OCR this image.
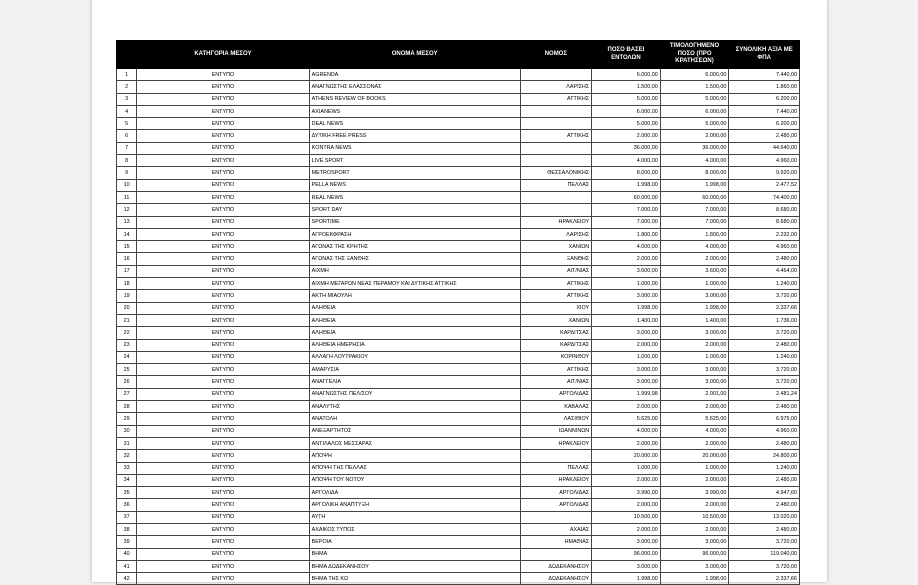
	ΚΑΤΗΓΟΡΙΑ ΜΕΣΟΥ	ΟΝΟΜΑ ΜΕΣΟΥ	ΝΟΜΟΣ	ΠΟΣΟ ΒΑΣΕΙ ΕΝΤΟΛΩΝ	ΤΙΜΟΛΟΓΗΜΕΝΟ ΠΟΣΟ (ΠΡΟ ΚΡΑΤΗΣΕΩΝ)	ΣΥΝΟΛΙΚΗ ΑΞΙΑ ΜΕ ΦΠΑ
1	ΕΝΤΥΠΟ	AGRENDA		6.000,00	6.000,00	7.440,00
2	ΕΝΤΥΠΟ	ΑΝΑΓΝΩΣΤΗΣ ΕΛΑΣΣΟΝΑΣ	ΛΑΡΙΣΗΣ	1.500,00	1.500,00	1.860,00
3	ΕΝΤΥΠΟ	ATHENS REVIEW OF BOOKS	ΑΤΤΙΚΗΣ	5.000,00	5.000,00	6.200,00
4	ΕΝΤΥΠΟ	AXIANEWS		6.000,00	6.000,00	7.440,00
5	ΕΝΤΥΠΟ	DEAL NEWS		5.000,00	5.000,00	6.200,00
6	ΕΝΤΥΠΟ	ΔΥΤΙΚΗ FREE PRESS	ΑΤΤΙΚΗΣ	2.000,00	2.000,00	2.480,00
7	ΕΝΤΥΠΟ	KONTRA NEWS		36.000,00	36.000,00	44.640,00
8	ΕΝΤΥΠΟ	LIVE SPORT		4.000,00	4.000,00	4.960,00
9	ΕΝΤΥΠΟ	METROSPORT	ΘΕΣΣΑΛΟΝΙΚΗΣ	8.000,00	8.000,00	9.920,00
10	ΕΝΤΥΠΟ	PELLA NEWS	ΠΕΛΛΑΣ	1.998,00	1.998,00	2.477,52
11	ΕΝΤΥΠΟ	REAL NEWS		60.000,00	60.000,00	74.400,00
12	ΕΝΤΥΠΟ	SPORT DAY		7.000,00	7.000,00	8.680,00
13	ΕΝΤΥΠΟ	SPORTIME	ΗΡΑΚΛΕΙΟΥ	7.000,00	7.000,00	8.680,00
14	ΕΝΤΥΠΟ	ΑΓΡΟΕΚΦΡΑΣΗ	ΛΑΡΙΣΗΣ	1.800,00	1.800,00	2.232,00
15	ΕΝΤΥΠΟ	ΑΓΩΝΑΣ ΤΗΣ ΚΡΗΤΗΣ	ΧΑΝΙΩΝ	4.000,00	4.000,00	4.960,00
16	ΕΝΤΥΠΟ	ΑΓΩΝΑΣ ΤΗΣ ΞΑΝΘΗΣ	ΞΑΝΘΗΣ	2.000,00	2.000,00	2.480,00
17	ΕΝΤΥΠΟ	ΑΙΧΜΗ	ΑΙΤ/ΝΙΑΣ	3.600,00	3.600,00	4.464,00
18	ΕΝΤΥΠΟ	ΑΙΧΜΗ ΜΕΓΑΡΩΝ ΝΕΑΣ ΠΕΡΑΜΟΥ ΚΑΙ ΔΥΤΙΚΗΣ ΑΤΤΙΚΗΣ	ΑΤΤΙΚΗΣ	1.000,00	1.000,00	1.240,00
19	ΕΝΤΥΠΟ	ΑΚΤΗ ΜΙΑΟΥΛΗ	ΑΤΤΙΚΗΣ	3.000,00	3.000,00	3.720,00
20	ΕΝΤΥΠΟ	ΑΛΗΘΕΙΑ	ΧΙΟΥ	1.998,00	1.998,00	2.337,66
21	ΕΝΤΥΠΟ	ΑΛΗΘΕΙΑ	ΧΑΝΙΩΝ	1.400,00	1.400,00	1.736,00
22	ΕΝΤΥΠΟ	ΑΛΗΘΕΙΑ	ΚΑΡΔΙΤΣΑΣ	3.000,00	3.000,00	3.720,00
23	ΕΝΤΥΠΟ	ΑΛΗΘΕΙΑ ΗΜΕΡΗΣΙΑ	ΚΑΡΔΙΤΣΑΣ	2.000,00	2.000,00	2.480,00
24	ΕΝΤΥΠΟ	ΑΛΛΑΓΗ ΛΟΥΤΡΑΚΙΟΥ	ΚΟΡΙΝΘΟΥ	1.000,00	1.000,00	1.240,00
25	ΕΝΤΥΠΟ	ΑΜΑΡΥΣΙΑ	ΑΤΤΙΚΗΣ	3.000,00	3.000,00	3.720,00
26	ΕΝΤΥΠΟ	ΑΝΑΓΓΕΛΙΑ	ΑΙΤ/ΝΙΑΣ	3.000,00	3.000,00	3.720,00
27	ΕΝΤΥΠΟ	ΑΝΑΓΝΩΣΤΗΣ ΠΕΛ/ΣΟΥ	ΑΡΓΟΛΙΔΑΣ	1.999,98	2.001,00	2.481,24
28	ΕΝΤΥΠΟ	ΑΝΑΛΥΤΗΣ	ΚΑΒΑΛΑΣ	2.000,00	2.000,00	2.480,00
29	ΕΝΤΥΠΟ	ΑΝΑΤΟΛΗ	ΛΑΣΙΘΙΟΥ	5.625,00	5.625,00	6.975,00
30	ΕΝΤΥΠΟ	ΑΝΕΞΑΡΤΗΤΟΣ	ΙΩΑΝΝΙΝΩΝ	4.000,00	4.000,00	4.960,00
31	ΕΝΤΥΠΟ	ΑΝΤΙΛΑΛΟΣ ΜΕΣΣΑΡΑΣ	ΗΡΑΚΛΕΙΟΥ	2.000,00	2.000,00	2.480,00
32	ΕΝΤΥΠΟ	ΑΠΟΨΗ		20.000,00	20.000,00	24.800,00
33	ΕΝΤΥΠΟ	ΑΠΟΨΗ ΤΗΣ ΠΕΛΛΑΣ	ΠΕΛΛΑΣ	1.000,00	1.000,00	1.240,00
34	ΕΝΤΥΠΟ	ΑΠΟΨΗ ΤΟΥ ΝΟΤΟΥ	ΗΡΑΚΛΕΙΟΥ	2.000,00	2.000,00	2.480,00
35	ΕΝΤΥΠΟ	ΑΡΓΟΛΙΔΑ	ΑΡΓΟΛΙΔΑΣ	3.990,00	3.990,00	4.947,60
36	ΕΝΤΥΠΟ	ΑΡΓΟΛΙΚΗ ΑΝΑΠΤΥΞΗ	ΑΡΓΟΛΙΔΑΣ	2.000,00	2.000,00	2.480,00
37	ΕΝΤΥΠΟ	ΑΥΓΗ		10.500,00	10.500,00	13.020,00
38	ΕΝΤΥΠΟ	ΑΧΑΙΚΟΣ ΤΥΠΟΣ	ΑΧΑΪΑΣ	2.000,00	2.000,00	2.480,00
39	ΕΝΤΥΠΟ	ΒΕΡΟΙΑ	ΗΜΑΘΙΑΣ	3.000,00	3.000,00	3.720,00
40	ΕΝΤΥΠΟ	ΒΗΜΑ		96.000,00	96.000,00	119.040,00
41	ΕΝΤΥΠΟ	ΒΗΜΑ ΔΩΔΕΚΑΝΗΣΟΥ	ΔΩΔΕΚΑΝΗΣΟΥ	3.000,00	3.000,00	3.720,00
42	ΕΝΤΥΠΟ	ΒΗΜΑ ΤΗΣ ΚΩ	ΔΩΔΕΚΑΝΗΣΟΥ	1.998,00	1.998,00	2.337,66
